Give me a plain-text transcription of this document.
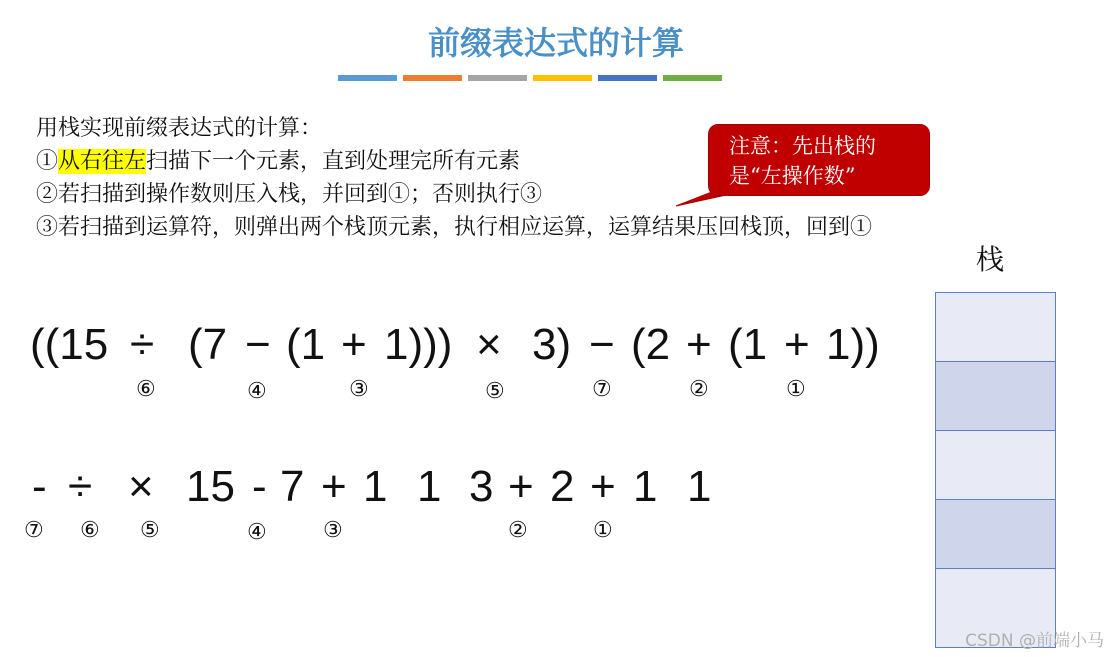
前缀表达式的计算
用栈实现前缀表达式的计算：
①从右往左扫描下一个元素，直到处理完所有元素
②若扫描到操作数则压入栈，并回到①；否则执行③
③若扫描到运算符，则弹出两个栈顶元素，执行相应运算，运算结果压回栈顶，回到①
注意：先出栈的
是“左操作数”
栈
((15 ÷ (7 − (1 + 1))) × 3) − (2 + (1 + 1))
⑥	④	③	⑤	⑦	②	①
- ÷ × 15 - 7 + 1 1 3 + 2 + 1 1
⑦ ⑥ ⑤	④	③	②	①
CSDN @前端小马
